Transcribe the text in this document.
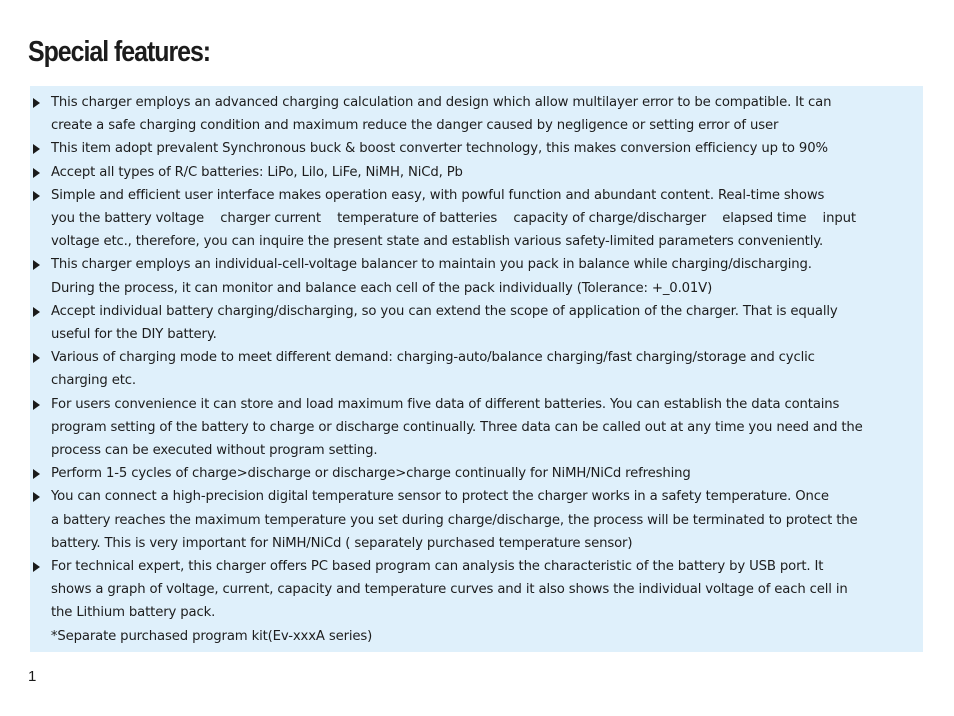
Special features:
This charger employs an advanced charging calculation and design which allow multilayer error to be compatible. It can
create a safe charging condition and maximum reduce the danger caused by negligence or setting error of user
This item adopt prevalent Synchronous buck & boost converter technology, this makes conversion efficiency up to 90%
Accept all types of R/C batteries: LiPo, Lilo, LiFe, NiMH, NiCd, Pb
Simple and efficient user interface makes operation easy, with powful function and abundant content. Real-time shows
you the battery voltage    charger current    temperature of batteries    capacity of charge/discharger    elapsed time    input
voltage etc., therefore, you can inquire the present state and establish various safety-limited parameters conveniently.
This charger employs an individual-cell-voltage balancer to maintain you pack in balance while charging/discharging.
During the process, it can monitor and balance each cell of the pack individually (Tolerance: +_0.01V)
Accept individual battery charging/discharging, so you can extend the scope of application of the charger. That is equally
useful for the DIY battery.
Various of charging mode to meet different demand: charging-auto/balance charging/fast charging/storage and cyclic
charging etc.
For users convenience it can store and load maximum five data of different batteries. You can establish the data contains
program setting of the battery to charge or discharge continually. Three data can be called out at any time you need and the
process can be executed without program setting.
Perform 1-5 cycles of charge>discharge or discharge>charge continually for NiMH/NiCd refreshing
You can connect a high-precision digital temperature sensor to protect the charger works in a safety temperature. Once
a battery reaches the maximum temperature you set during charge/discharge, the process will be terminated to protect the
battery. This is very important for NiMH/NiCd ( separately purchased temperature sensor)
For technical expert, this charger offers PC based program can analysis the characteristic of the battery by USB port. It
shows a graph of voltage, current, capacity and temperature curves and it also shows the individual voltage of each cell in
the Lithium battery pack.
*Separate purchased program kit(Ev-xxxA series)
1
